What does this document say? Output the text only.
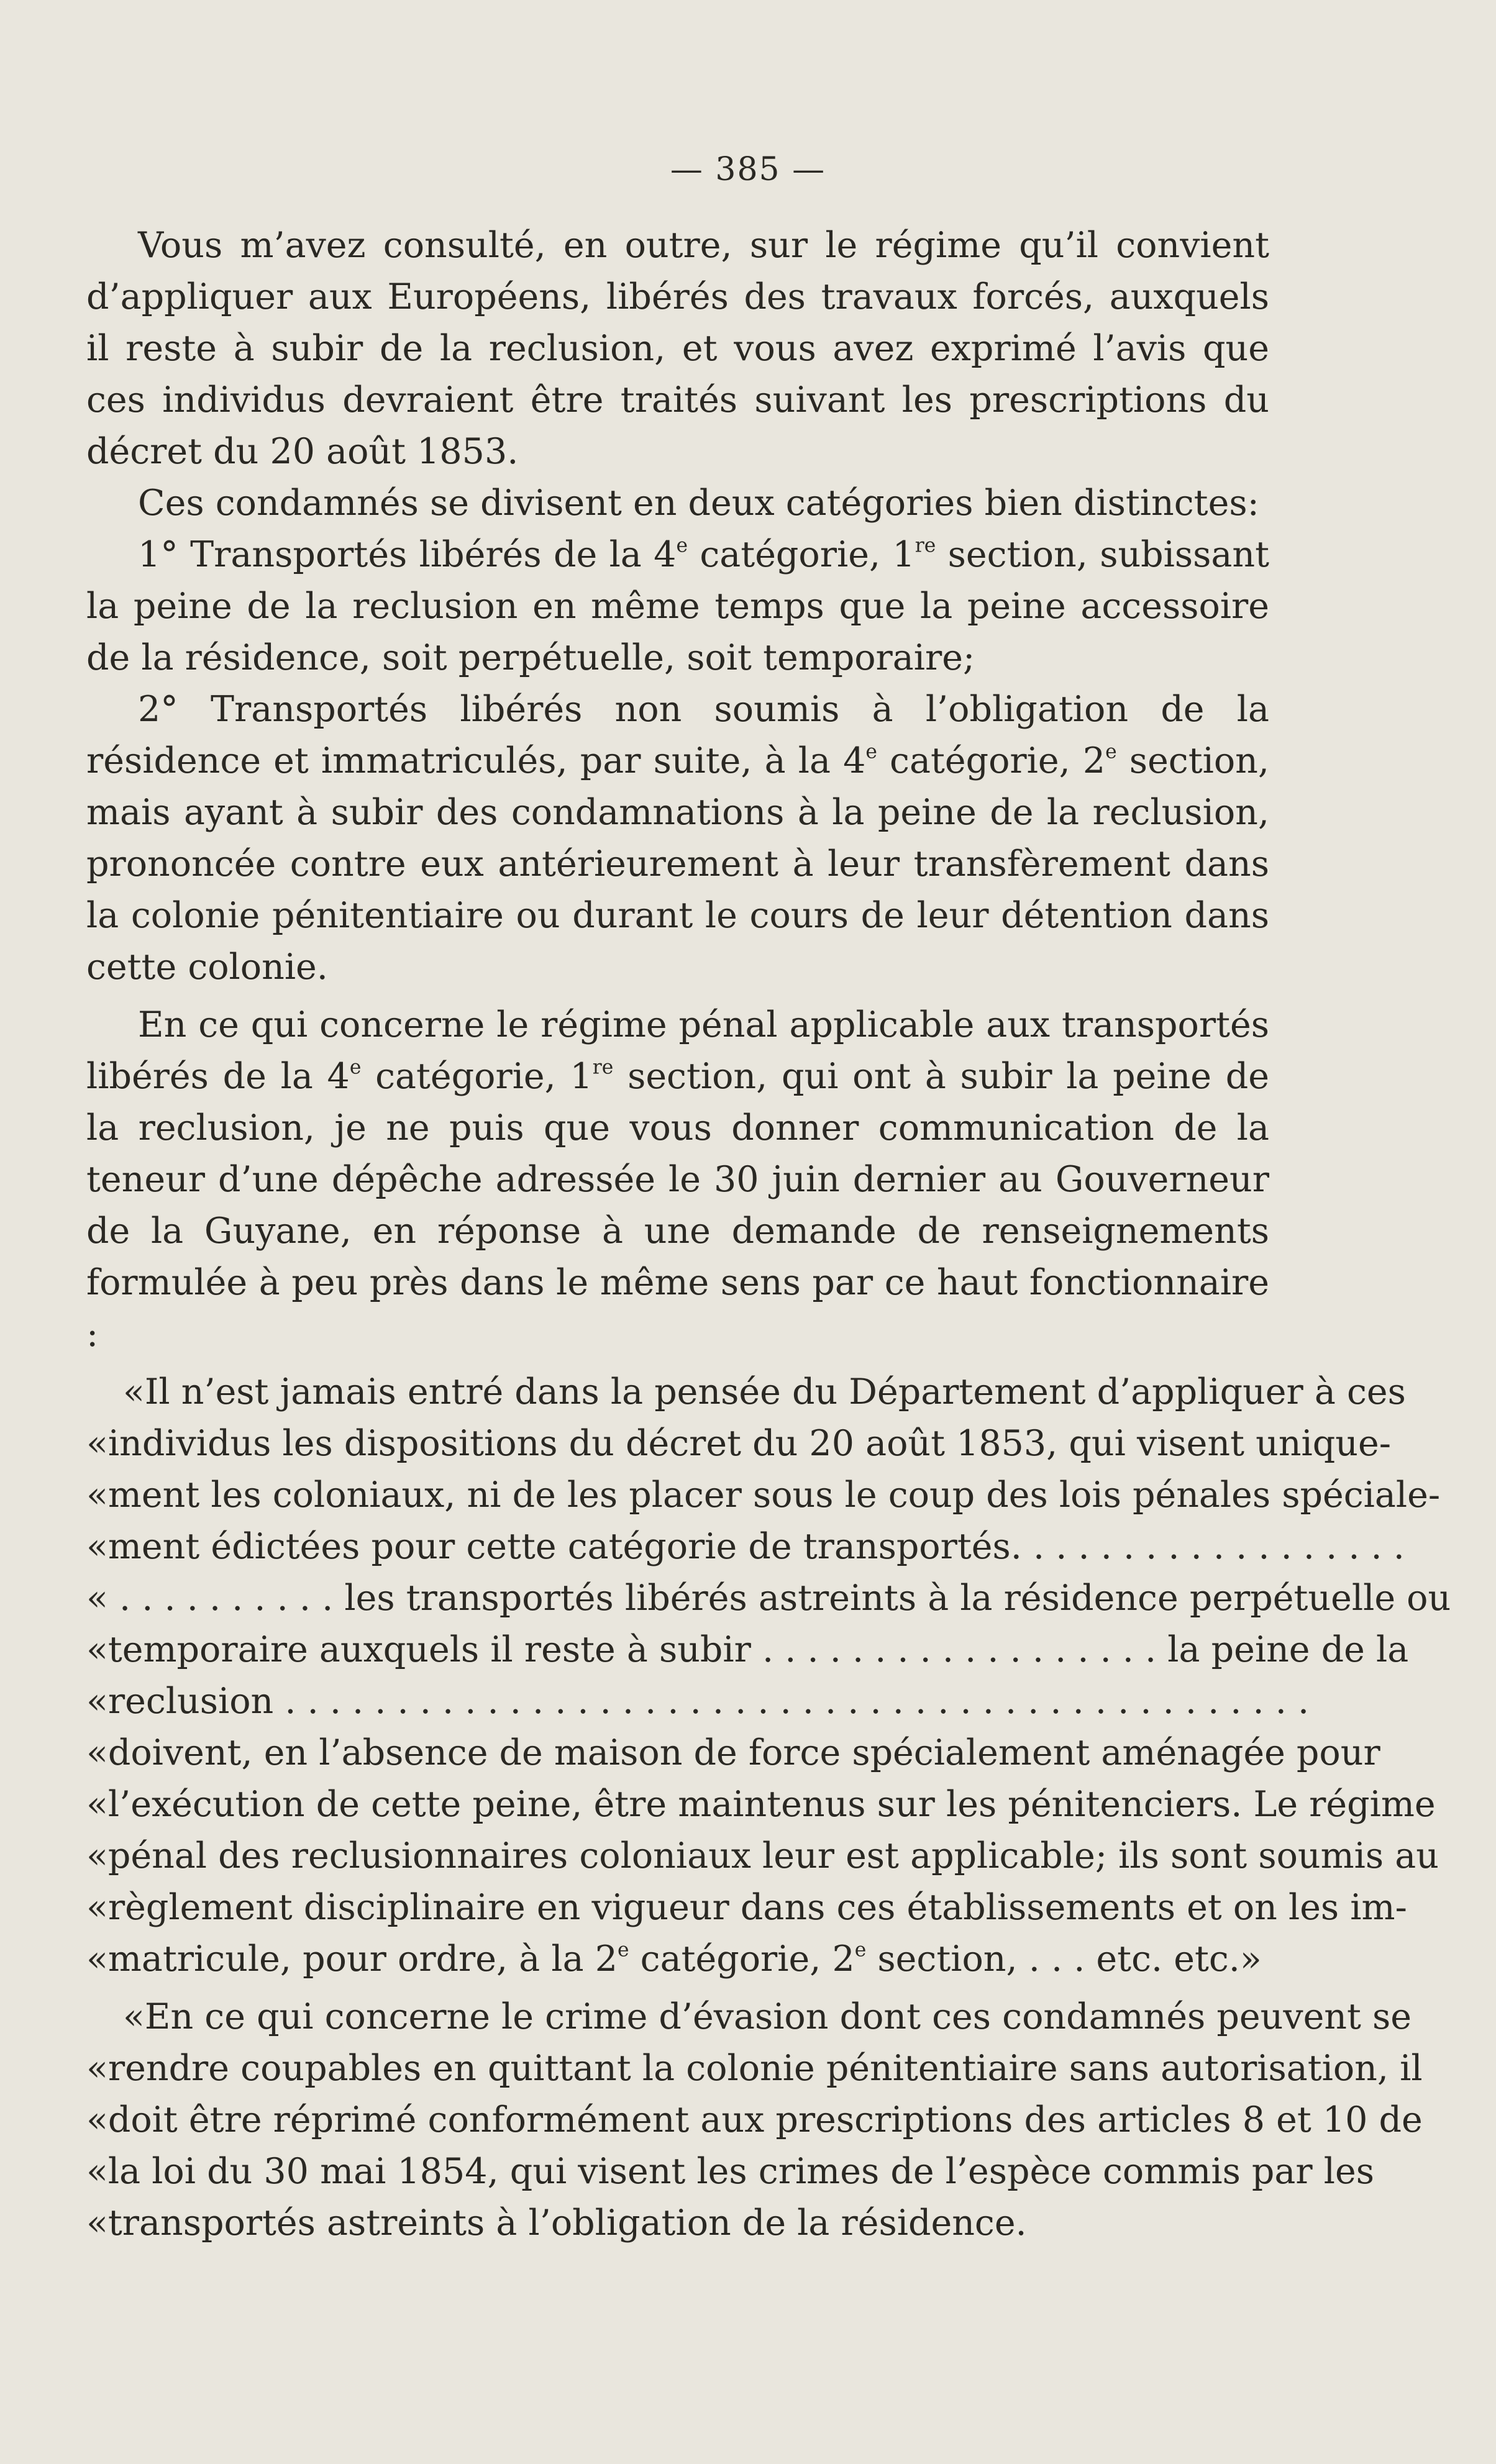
— 385 —

Vous m’avez consulté, en outre, sur le régime qu’il convient d’appliquer aux Européens, libérés des travaux forcés, auxquels il reste à subir de la reclusion, et vous avez exprimé l’avis que ces individus devraient être traités suivant les prescriptions du décret du 20 août 1853.

Ces condamnés se divisent en deux catégories bien distinctes:

1° Transportés libérés de la 4e catégorie, 1re section, subissant la peine de la reclusion en même temps que la peine accessoire de la résidence, soit perpétuelle, soit temporaire;

2° Transportés libérés non soumis à l’obligation de la résidence et immatriculés, par suite, à la 4e catégorie, 2e section, mais ayant à subir des condamnations à la peine de la reclusion, prononcée contre eux antérieurement à leur transfèrement dans la colonie pénitentiaire ou durant le cours de leur détention dans cette colonie.

En ce qui concerne le régime pénal applicable aux transportés libérés de la 4e catégorie, 1re section, qui ont à subir la peine de la reclusion, je ne puis que vous donner communication de la teneur d’une dépêche adressée le 30 juin dernier au Gouverneur de la Guyane, en réponse à une demande de renseignements formulée à peu près dans le même sens par ce haut fonctionnaire :

«Il n’est jamais entré dans la pensée du Département d’appliquer à ces
«individus les dispositions du décret du 20 août 1853, qui visent unique-
«ment les coloniaux, ni de les placer sous le coup des lois pénales spéciale-
«ment édictées pour cette catégorie de transportés. . . . . . . . . . . . . . . . . .
« . . . . . . . . . . les transportés libérés astreints à la résidence perpétuelle ou
«temporaire auxquels il reste à subir . . . . . . . . . . . . . . . . . . la peine de la
«reclusion . . . . . . . . . . . . . . . . . . . . . . . . . . . . . . . . . . . . . . . . . . . . . .
«doivent, en l’absence de maison de force spécialement aménagée pour
«l’exécution de cette peine, être maintenus sur les pénitenciers. Le régime
«pénal des reclusionnaires coloniaux leur est applicable; ils sont soumis au
«règlement disciplinaire en vigueur dans ces établissements et on les im-
«matricule, pour ordre, à la 2e catégorie, 2e section, . . . etc. etc.»
«En ce qui concerne le crime d’évasion dont ces condamnés peuvent se
«rendre coupables en quittant la colonie pénitentiaire sans autorisation, il
«doit être réprimé conformément aux prescriptions des articles 8 et 10 de
«la loi du 30 mai 1854, qui visent les crimes de l’espèce commis par les
«transportés astreints à l’obligation de la résidence.
